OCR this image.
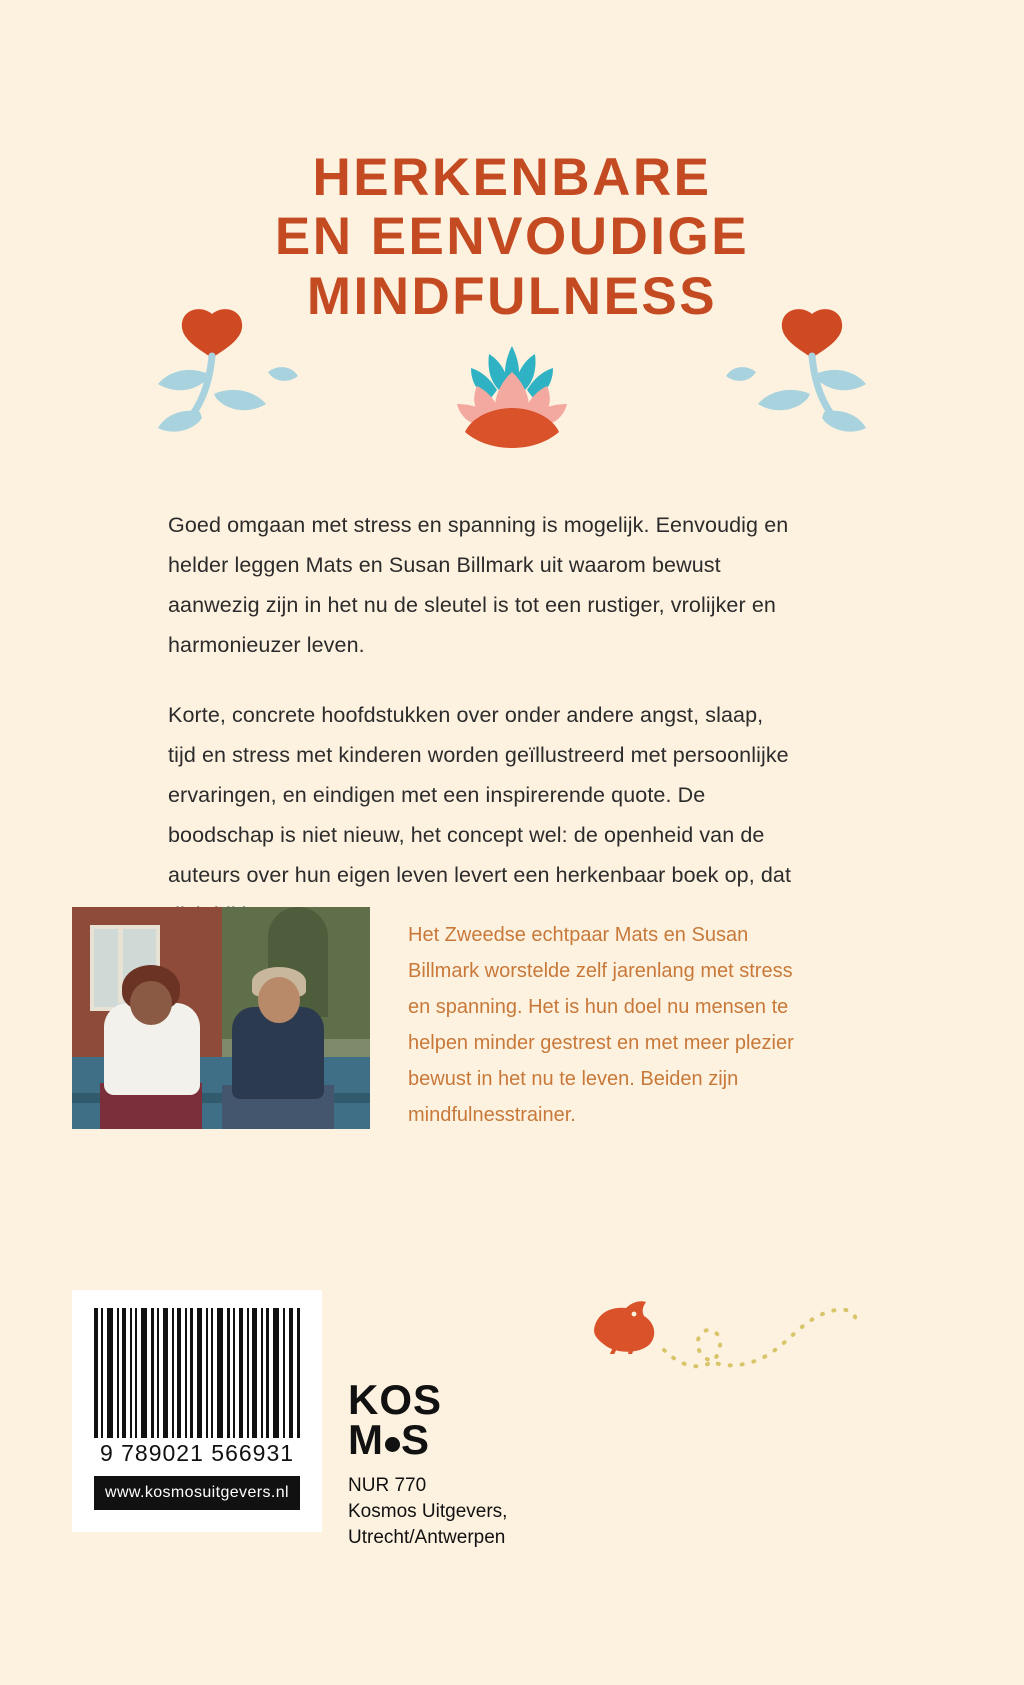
HERKENBARE
EN EENVOUDIGE
MINDFULNESS

Goed omgaan met stress en spanning is mogelijk. Eenvoudig en helder leggen Mats en Susan Billmark uit waarom bewust aanwezig zijn in het nu de sleutel is tot een rustiger, vrolijker en harmonieuzer leven.

Korte, concrete hoofdstukken over onder andere angst, slaap, tijd en stress met kinderen worden geïllustreerd met persoonlijke ervaringen, en eindigen met een inspirerende quote. De boodschap is niet nieuw, het concept wel: de openheid van de auteurs over hun eigen leven levert een herkenbaar boek op, dat

Het Zweedse echtpaar Mats en Susan Billmark worstelde zelf jarenlang met stress en spanning. Het is hun doel nu mensen te helpen minder gestrest en met meer plezier bewust in het nu te leven. Beiden zijn mindfulnesstrainer.
9 789021 566931
www.kosmosuitgevers.nl
KOS
M S
NUR 770
Kosmos Uitgevers,
Utrecht/Antwerpen
